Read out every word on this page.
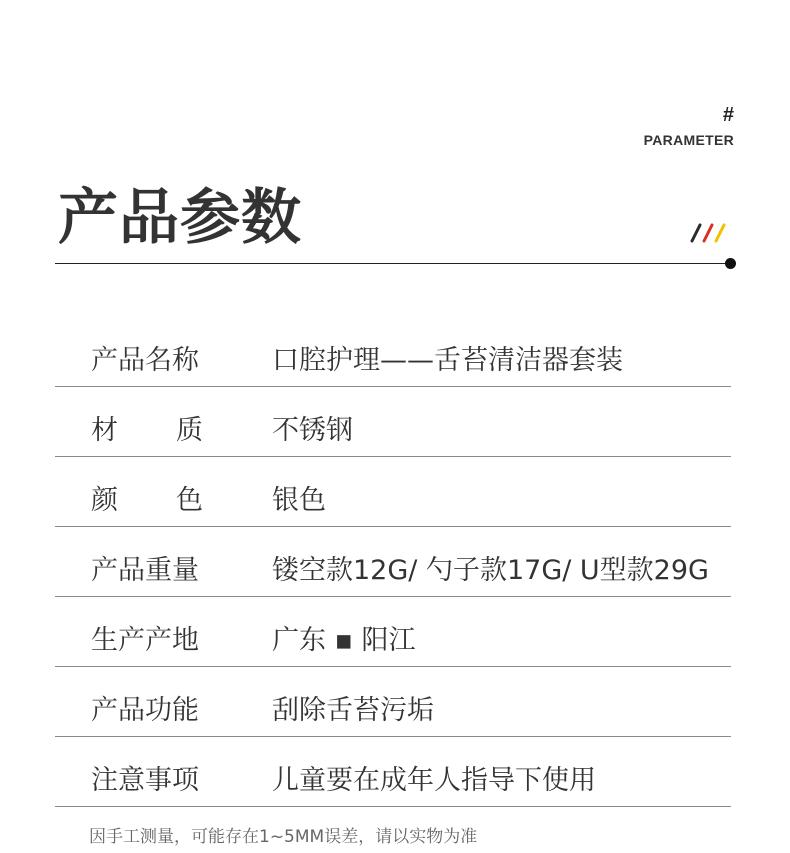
#
PARAMETER
产品参数
产品名称	口腔护理——舌苔清洁器套装
材 质	不锈钢
颜 色	银色
产品重量	镂空款12G/ 勺子款17G/ U型款29G
生产产地	广东 ▪ 阳江
产品功能	刮除舌苔污垢
注意事项	儿童要在成年人指导下使用
因手工测量，可能存在1~5MM误差，请以实物为准
